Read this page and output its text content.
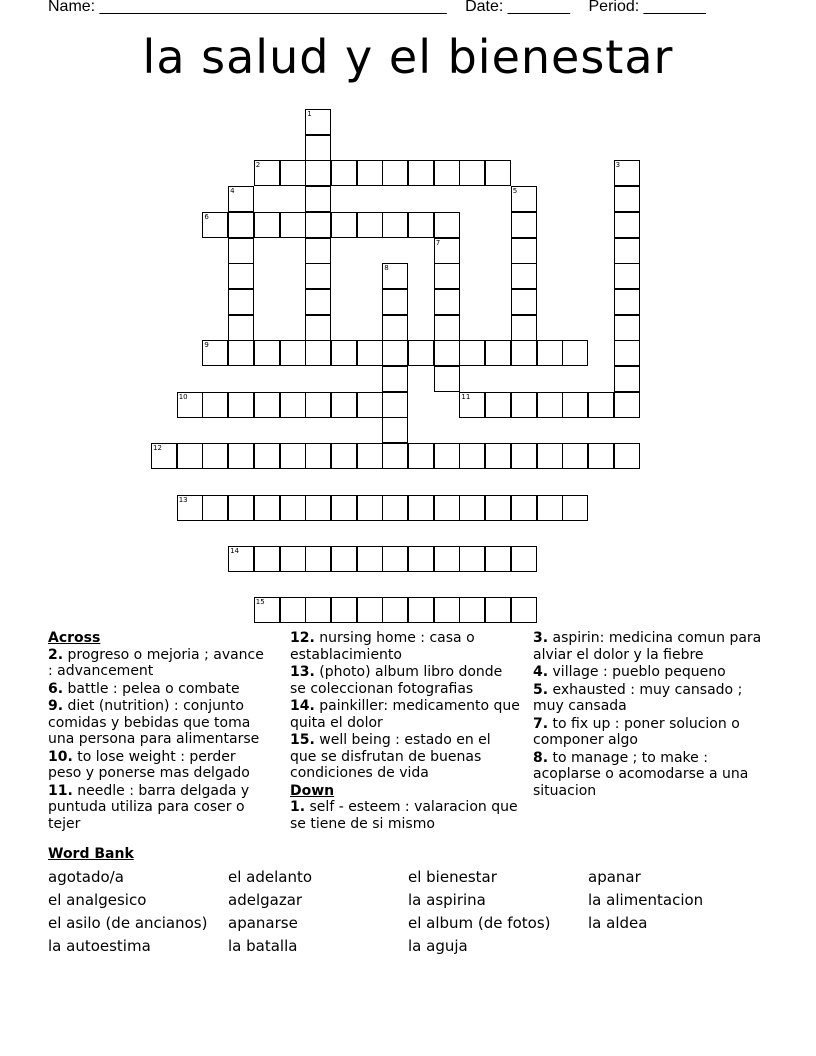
Name: _______________________________________ Date: _______ Period: _______
la salud y el bienestar
1
2	3
4	5
6
7
8
9
10	11
12
13
14
15
Across
2. progreso o mejoria ; avance : advancement
6. battle : pelea o combate
9. diet (nutrition) : conjunto comidas y bebidas que toma una persona para alimentarse
10. to lose weight : perder peso y ponerse mas delgado
11. needle : barra delgada y puntuda utiliza para coser o tejer
12. nursing home : casa o establacimiento
13. (photo) album libro donde se coleccionan fotografias
14. painkiller: medicamento que quita el dolor
15. well being : estado en el que se disfrutan de buenas condiciones de vida
Down
1. self - esteem : valaracion que se tiene de si mismo
3. aspirin: medicina comun para alviar el dolor y la fiebre
4. village : pueblo pequeno
5. exhausted : muy cansado ; muy cansada
7. to fix up : poner solucion o componer algo
8. to manage ; to make : acoplarse o acomodarse a una situacion
Word Bank
agotado/a	el adelanto	el bienestar	apanar
el analgesico	adelgazar	la aspirina	la alimentacion
el asilo (de ancianos)	apanarse	el album (de fotos)	la aldea
la autoestima	la batalla	la aguja
